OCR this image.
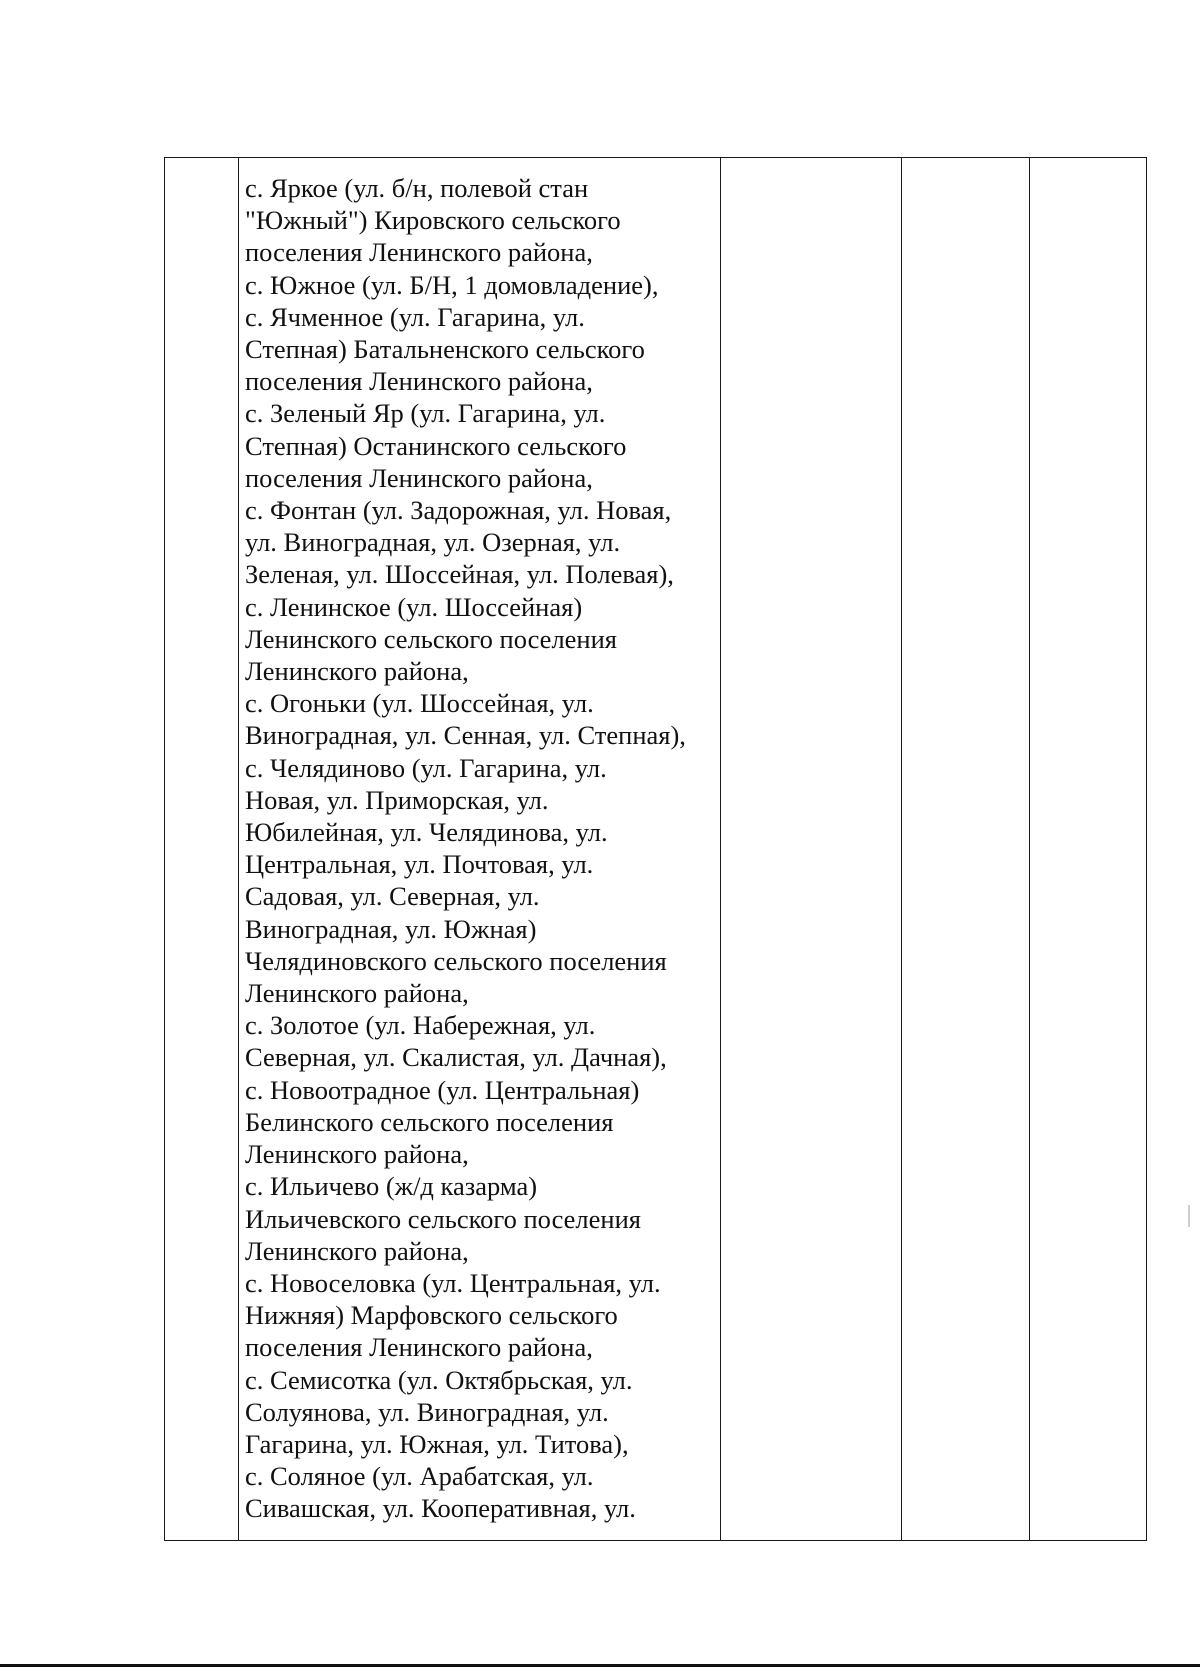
с. Яркое (ул. б/н, полевой стан
"Южный") Кировского сельского
поселения Ленинского района,
с. Южное (ул. Б/Н, 1 домовладение),
с. Ячменное (ул. Гагарина, ул.
Степная) Батальненского сельского
поселения Ленинского района,
с. Зеленый Яр (ул. Гагарина, ул.
Степная) Останинского сельского
поселения Ленинского района,
с. Фонтан (ул. Задорожная, ул. Новая,
ул. Виноградная, ул. Озерная, ул.
Зеленая, ул. Шоссейная, ул. Полевая),
с. Ленинское (ул. Шоссейная)
Ленинского сельского поселения
Ленинского района,
с. Огоньки (ул. Шоссейная, ул.
Виноградная, ул. Сенная, ул. Степная),
с. Челядиново (ул. Гагарина, ул.
Новая, ул. Приморская, ул.
Юбилейная, ул. Челядинова, ул.
Центральная, ул. Почтовая, ул.
Садовая, ул. Северная, ул.
Виноградная, ул. Южная)
Челядиновского сельского поселения
Ленинского района,
с. Золотое (ул. Набережная, ул.
Северная, ул. Скалистая, ул. Дачная),
с. Новоотрадное (ул. Центральная)
Белинского сельского поселения
Ленинского района,
с. Ильичево (ж/д казарма)
Ильичевского сельского поселения
Ленинского района,
с. Новоселовка (ул. Центральная, ул.
Нижняя) Марфовского сельского
поселения Ленинского района,
с. Семисотка (ул. Октябрьская, ул.
Солуянова, ул. Виноградная, ул.
Гагарина, ул. Южная, ул. Титова),
с. Соляное (ул. Арабатская, ул.
Сивашская, ул. Кооперативная, ул.
